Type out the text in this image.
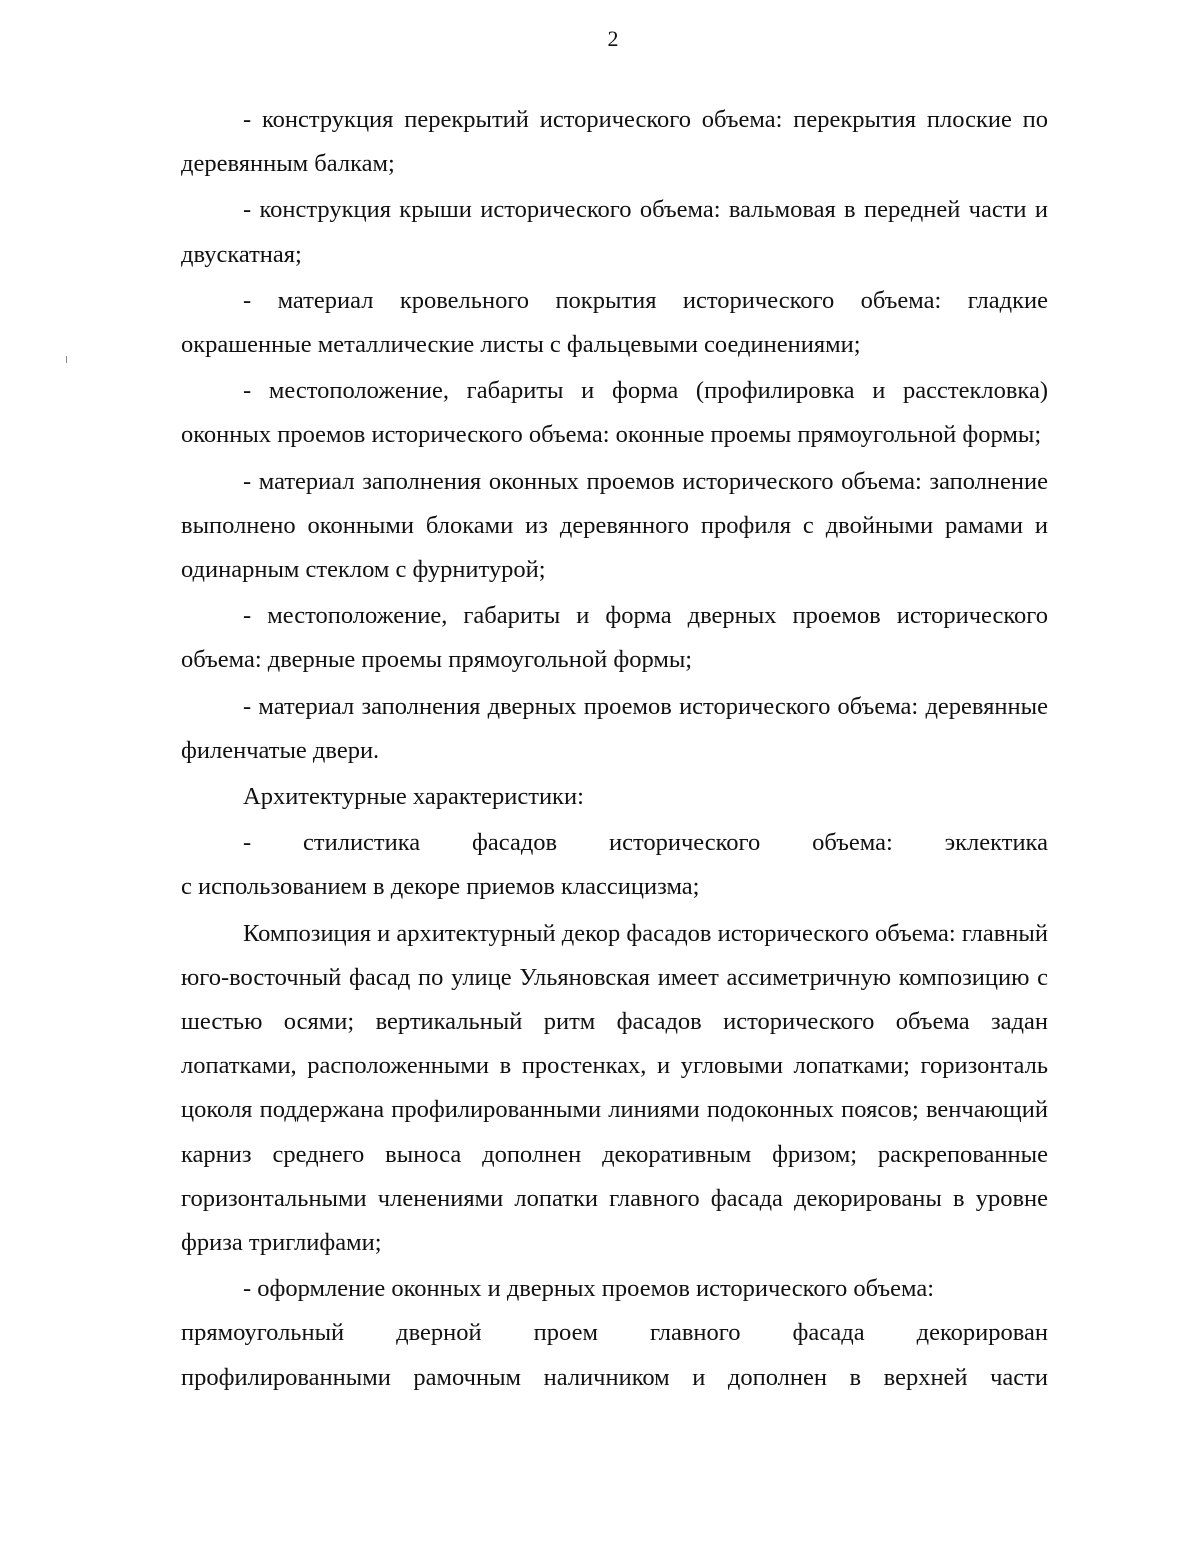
2

- конструкция перекрытий исторического объема: перекрытия плоские по деревянным балкам;

- конструкция крыши исторического объема: вальмовая в передней части и двускатная;

- материал кровельного покрытия исторического объема: гладкие окрашенные металлические листы с фальцевыми соединениями;

- местоположение, габариты и форма (профилировка и расстекловка) оконных проемов исторического объема: оконные проемы прямоугольной формы;

- материал заполнения оконных проемов исторического объема: заполнение выполнено оконными блоками из деревянного профиля с двойными рамами и одинарным стеклом с фурнитурой;

- местоположение, габариты и форма дверных проемов исторического объема: дверные проемы прямоугольной формы;

- материал заполнения дверных проемов исторического объема: деревянные филенчатые двери.

Архитектурные характеристики:

- стилистика фасадов исторического объема: эклектика
с использованием в декоре приемов классицизма;

Композиция и архитектурный декор фасадов исторического объема: главный юго-восточный фасад по улице Ульяновская имеет ассиметричную композицию с шестью осями; вертикальный ритм фасадов исторического объема задан лопатками, расположенными в простенках, и угловыми лопатками; горизонталь цоколя поддержана профилированными линиями подоконных поясов; венчающий карниз среднего выноса дополнен декоративным фризом; раскрепованные горизонтальными членениями лопатки главного фасада декорированы в уровне фриза триглифами;

- оформление оконных и дверных проемов исторического объема:

прямоугольный дверной проем главного фасада декорирован
профилированными рамочным наличником и дополнен в верхней части
